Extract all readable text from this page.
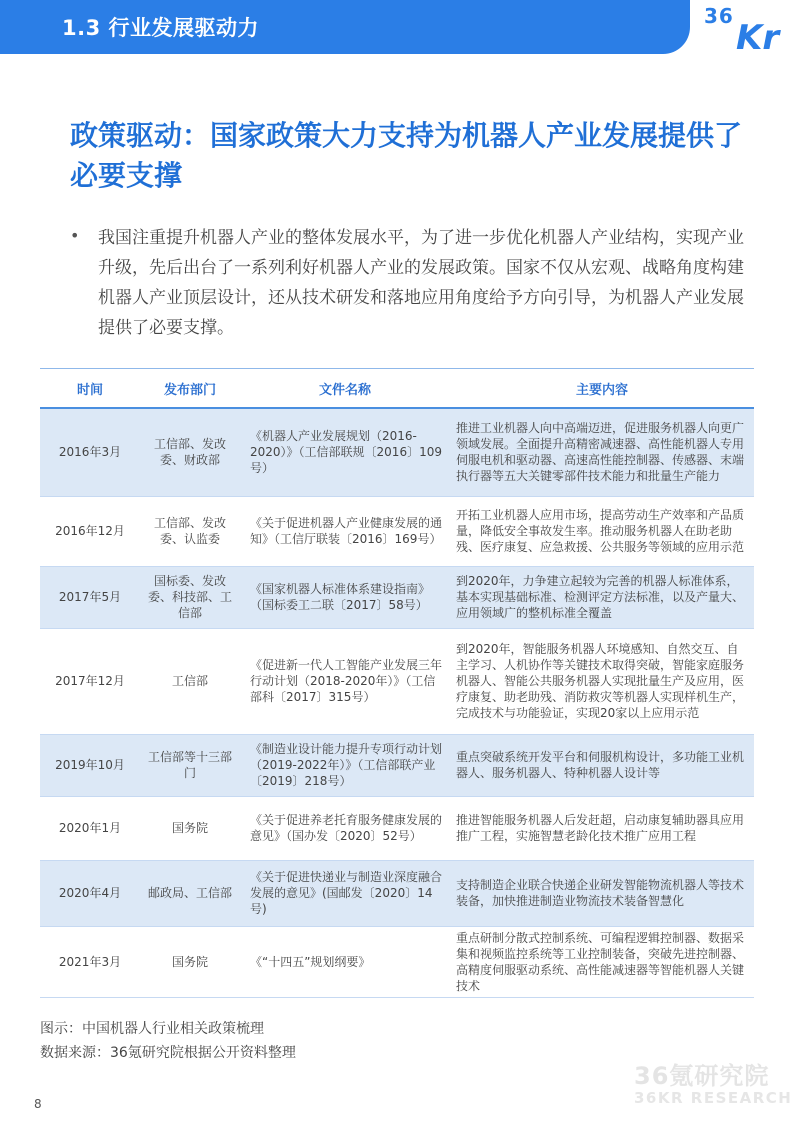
1.3 行业发展驱动力	36
Kr
政策驱动：国家政策大力支持为机器人产业发展提供了必要支撑
• 我国注重提升机器人产业的整体发展水平，为了进一步优化机器人产业结构，实现产业升级，先后出台了一系列利好机器人产业的发展政策。国家不仅从宏观、战略角度构建机器人产业顶层设计，还从技术研发和落地应用角度给予方向引导，为机器人产业发展提供了必要支撑。
时间	发布部门	文件名称	主要内容
2016年3月	工信部、发改委、财政部	《机器人产业发展规划（2016-2020）》（工信部联规〔2016〕109号）	推进工业机器人向中高端迈进，促进服务机器人向更广领域发展。全面提升高精密减速器、高性能机器人专用伺服电机和驱动器、高速高性能控制器、传感器、末端执行器等五大关键零部件技术能力和批量生产能力
2016年12月	工信部、发改委、认监委	《关于促进机器人产业健康发展的通知》（工信厅联装〔2016〕169号）	开拓工业机器人应用市场，提高劳动生产效率和产品质量，降低安全事故发生率。推动服务机器人在助老助残、医疗康复、应急救援、公共服务等领域的应用示范
2017年5月	国标委、发改委、科技部、工信部	《国家机器人标准体系建设指南》（国标委工二联〔2017〕58号）	到2020年，力争建立起较为完善的机器人标准体系，基本实现基础标准、检测评定方法标准，以及产量大、应用领域广的整机标准全覆盖
2017年12月	工信部	《促进新一代人工智能产业发展三年行动计划（2018-2020年）》（工信部科〔2017〕315号）	到2020年，智能服务机器人环境感知、自然交互、自主学习、人机协作等关键技术取得突破，智能家庭服务机器人、智能公共服务机器人实现批量生产及应用，医疗康复、助老助残、消防救灾等机器人实现样机生产，完成技术与功能验证，实现20家以上应用示范
2019年10月	工信部等十三部门	《制造业设计能力提升专项行动计划（2019-2022年）》（工信部联产业〔2019〕218号）	重点突破系统开发平台和伺服机构设计，多功能工业机器人、服务机器人、特种机器人设计等
2020年1月	国务院	《关于促进养老托育服务健康发展的意见》（国办发〔2020〕52号）	推进智能服务机器人后发赶超，启动康复辅助器具应用推广工程，实施智慧老龄化技术推广应用工程
2020年4月	邮政局、工信部	《关于促进快递业与制造业深度融合发展的意见》(国邮发〔2020〕14号)	支持制造企业联合快递企业研发智能物流机器人等技术装备，加快推进制造业物流技术装备智慧化
2021年3月	国务院	《“十四五”规划纲要》	重点研制分散式控制系统、可编程逻辑控制器、数据采集和视频监控系统等工业控制装备，突破先进控制器、高精度伺服驱动系统、高性能减速器等智能机器人关键技术
图示：中国机器人行业相关政策梳理
数据来源：36氪研究院根据公开资料整理
36氪研究院
36KR RESEARCH
8
